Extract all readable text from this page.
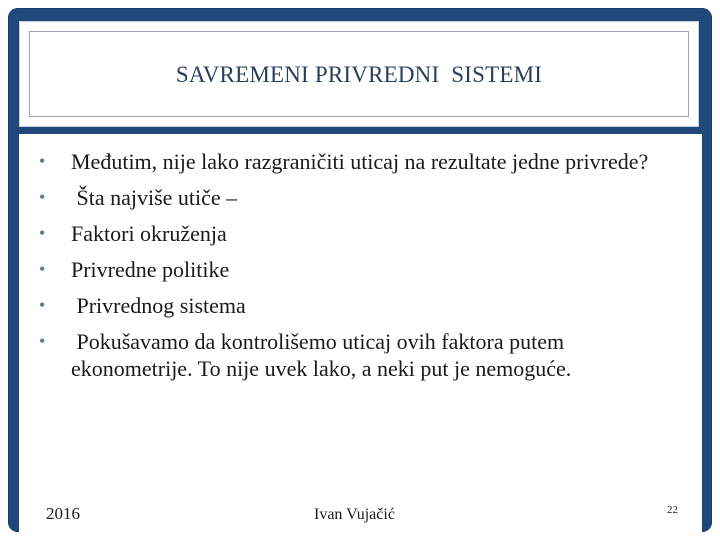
SAVREMENI PRIVREDNI  SISTEMI
• Međutim, nije lako razgraničiti uticaj na rezultate jedne privrede?
• Šta najviše utiče –
• Faktori okruženja
• Privredne politike
• Privrednog sistema
• Pokušavamo da kontrolišemo uticaj ovih faktora putem ekonometrije. To nije uvek lako, a neki put je nemoguće.
2016	Ivan Vujačić	22
